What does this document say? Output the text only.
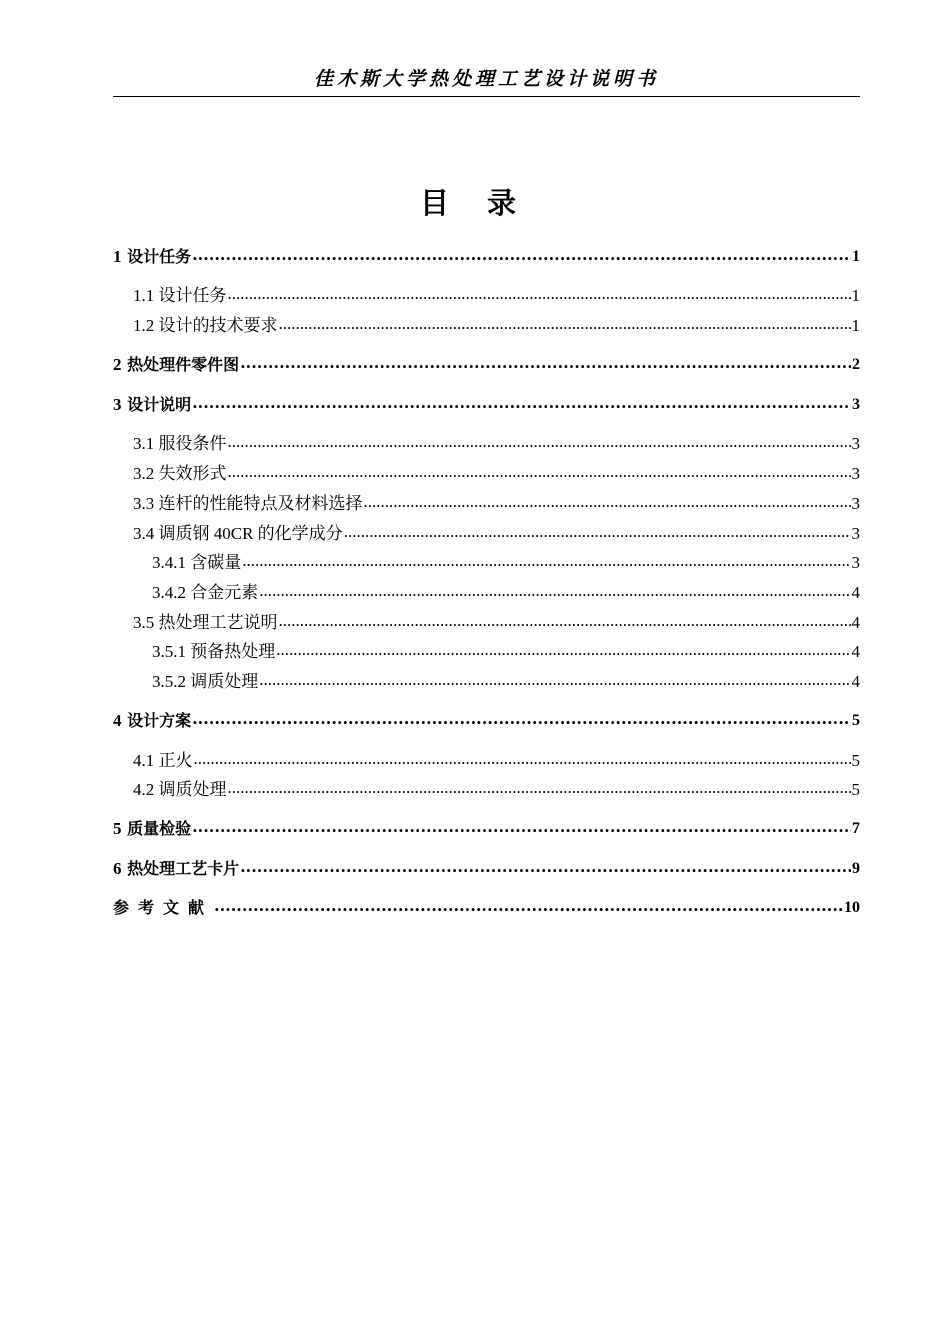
佳木斯大学热处理工艺设计说明书
目 录
1 设计任务 .....	1
1.1 设计任务 .....	1
1.2 设计的技术要求 .....	1
2 热处理件零件图 .....	2
3 设计说明 .....	3
3.1 服役条件 .....	3
3.2 失效形式 .....	3
3.3 连杆的性能特点及材料选择 .....	3
3.4 调质钢 40CR 的化学成分 .....	3
3.4.1 含碳量 .....	3
3.4.2 合金元素 .....	4
3.5 热处理工艺说明 .....	4
3.5.1 预备热处理 .....	4
3.5.2 调质处理 .....	4
4 设计方案 .....	5
4.1 正火 .....	5
4.2 调质处理 .....	5
5 质量检验 .....	7
6 热处理工艺卡片 .....	9
参考文献 .....	10
